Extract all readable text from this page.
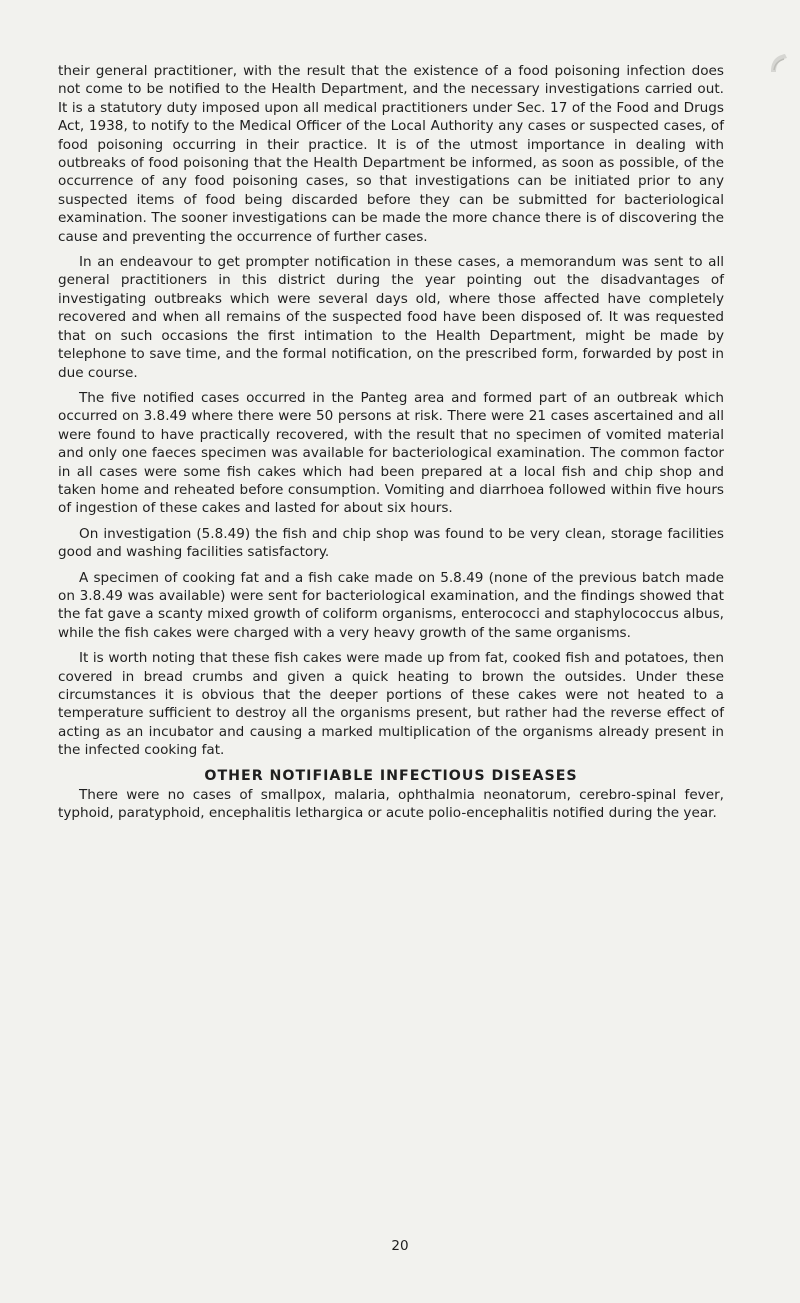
their general practitioner, with the result that the existence of a food poisoning infection does not come to be notified to the Health Department, and the necessary investigations carried out. It is a statutory duty imposed upon all medical practitioners under Sec. 17 of the Food and Drugs Act, 1938, to notify to the Medical Officer of the Local Authority any cases or suspected cases, of food poisoning occurring in their practice. It is of the utmost importance in dealing with outbreaks of food poisoning that the Health Department be informed, as soon as possible, of the occurrence of any food poisoning cases, so that investigations can be initiated prior to any suspected items of food being discarded before they can be submitted for bacteriological examination. The sooner investigations can be made the more chance there is of discovering the cause and preventing the occurrence of further cases.

In an endeavour to get prompter notification in these cases, a memorandum was sent to all general practitioners in this district during the year pointing out the disadvantages of investigating outbreaks which were several days old, where those affected have completely recovered and when all remains of the suspected food have been disposed of. It was requested that on such occasions the first intimation to the Health Department, might be made by telephone to save time, and the formal notification, on the prescribed form, forwarded by post in due course.

The five notified cases occurred in the Panteg area and formed part of an outbreak which occurred on 3.8.49 where there were 50 persons at risk. There were 21 cases ascertained and all were found to have practically recovered, with the result that no specimen of vomited material and only one faeces specimen was available for bacteriological examination. The common factor in all cases were some fish cakes which had been prepared at a local fish and chip shop and taken home and reheated before consumption. Vomiting and diarrhoea followed within five hours of ingestion of these cakes and lasted for about six hours.

On investigation (5.8.49) the fish and chip shop was found to be very clean, storage facilities good and washing facilities satisfactory.

A specimen of cooking fat and a fish cake made on 5.8.49 (none of the previous batch made on 3.8.49 was available) were sent for bacteriological examination, and the findings showed that the fat gave a scanty mixed growth of coliform organisms, enterococci and staphylococcus albus, while the fish cakes were charged with a very heavy growth of the same organisms.

It is worth noting that these fish cakes were made up from fat, cooked fish and potatoes, then covered in bread crumbs and given a quick heating to brown the outsides. Under these circumstances it is obvious that the deeper portions of these cakes were not heated to a temperature sufficient to destroy all the organisms present, but rather had the reverse effect of acting as an incubator and causing a marked multiplication of the organisms already present in the infected cooking fat.

OTHER NOTIFIABLE INFECTIOUS DISEASES

There were no cases of smallpox, malaria, ophthalmia neonatorum, cerebro-spinal fever, typhoid, paratyphoid, encephalitis lethargica or acute polio-encephalitis notified during the year.

20
